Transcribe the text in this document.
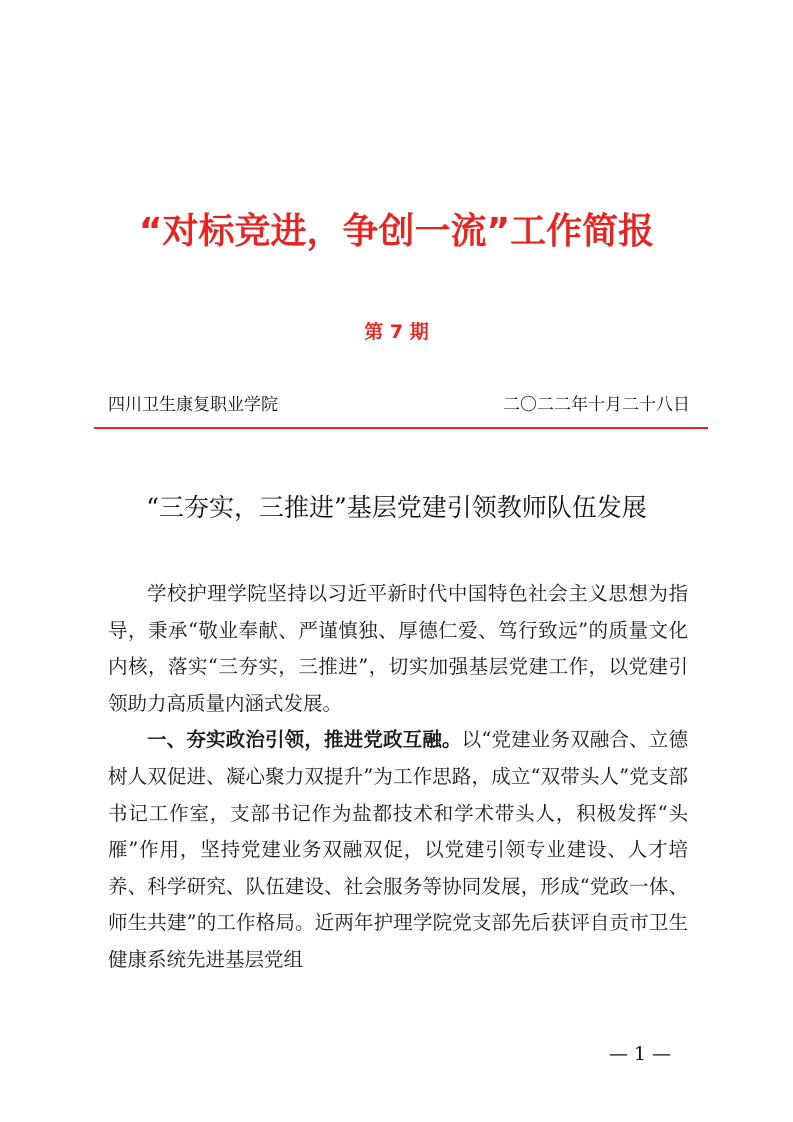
“对标竞进，争创一流”工作简报
第 7 期
四川卫生康复职业学院	二〇二二年十月二十八日
“三夯实，三推进”基层党建引领教师队伍发展

学校护理学院坚持以习近平新时代中国特色社会主义思想为指导，秉承“敬业奉献、严谨慎独、厚德仁爱、笃行致远”的质量文化内核，落实“三夯实，三推进”，切实加强基层党建工作，以党建引领助力高质量内涵式发展。

一、夯实政治引领，推进党政互融。以“党建业务双融合、立德树人双促进、凝心聚力双提升”为工作思路，成立“双带头人”党支部书记工作室，支部书记作为盐都技术和学术带头人，积极发挥“头雁”作用，坚持党建业务双融双促，以党建引领专业建设、人才培养、科学研究、队伍建设、社会服务等协同发展，形成“党政一体、师生共建”的工作格局。近两年护理学院党支部先后获评自贡市卫生健康系统先进基层党组

— 1 —
